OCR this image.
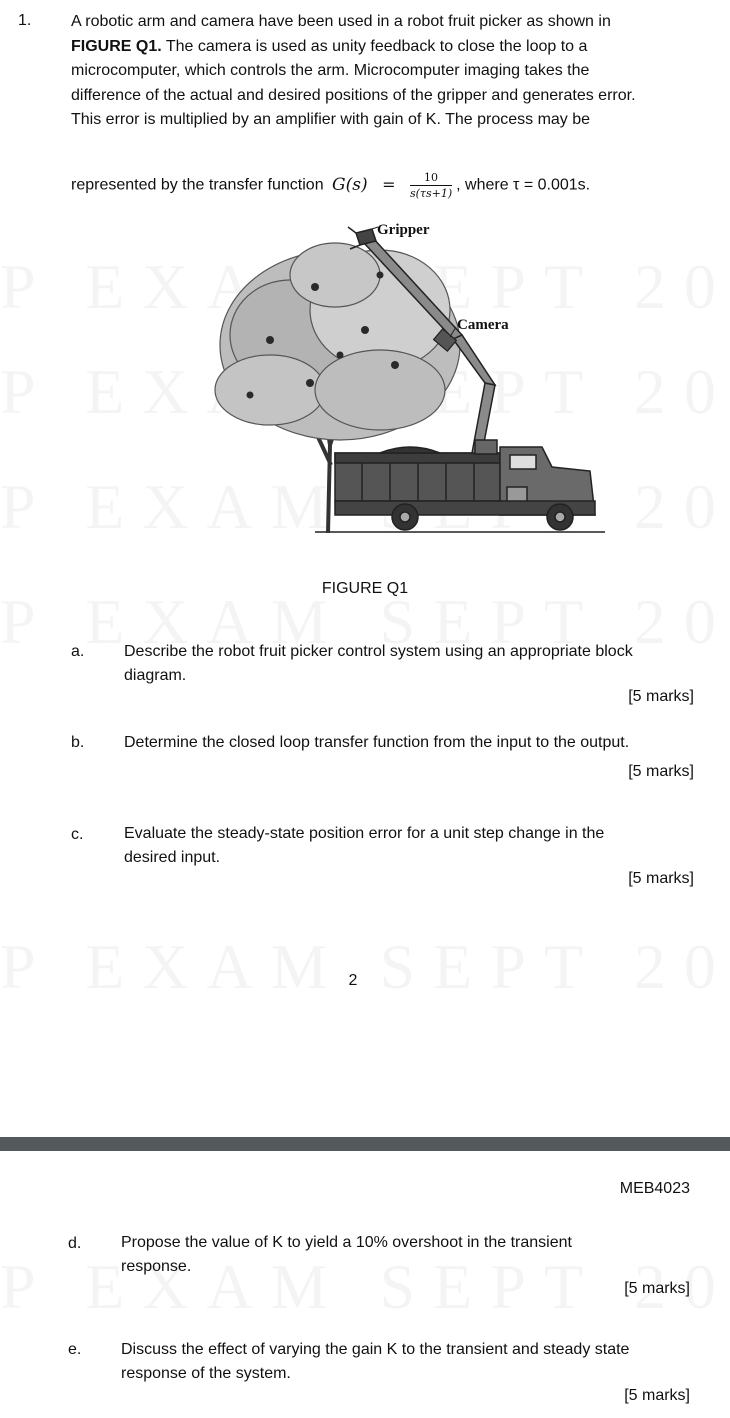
1. A robotic arm and camera have been used in a robot fruit picker as shown in
FIGURE Q1. The camera is used as unity feedback to close the loop to a
microcomputer, which controls the arm. Microcomputer imaging takes the
difference of the actual and desired positions of the gripper and generates error.
This error is multiplied by an amplifier with gain of K. The process may be
represented by the transfer function $G(s) = \frac{10}{s(\tau s+1)}$ , where τ = 0.001s.
Gripper
Camera
FIGURE Q1
a. Describe the robot fruit picker control system using an appropriate block
diagram.
[5 marks]
b. Determine the closed loop transfer function from the input to the output.
[5 marks]
c.	Evaluate the steady-state position error for a unit step change in the
desired input.
[5 marks]
2
MEB4023
d. Propose the value of K to yield a 10% overshoot in the transient
response.
[5 marks]
e. Discuss the effect of varying the gain K to the transient and steady state
response of the system.
[5 marks]
